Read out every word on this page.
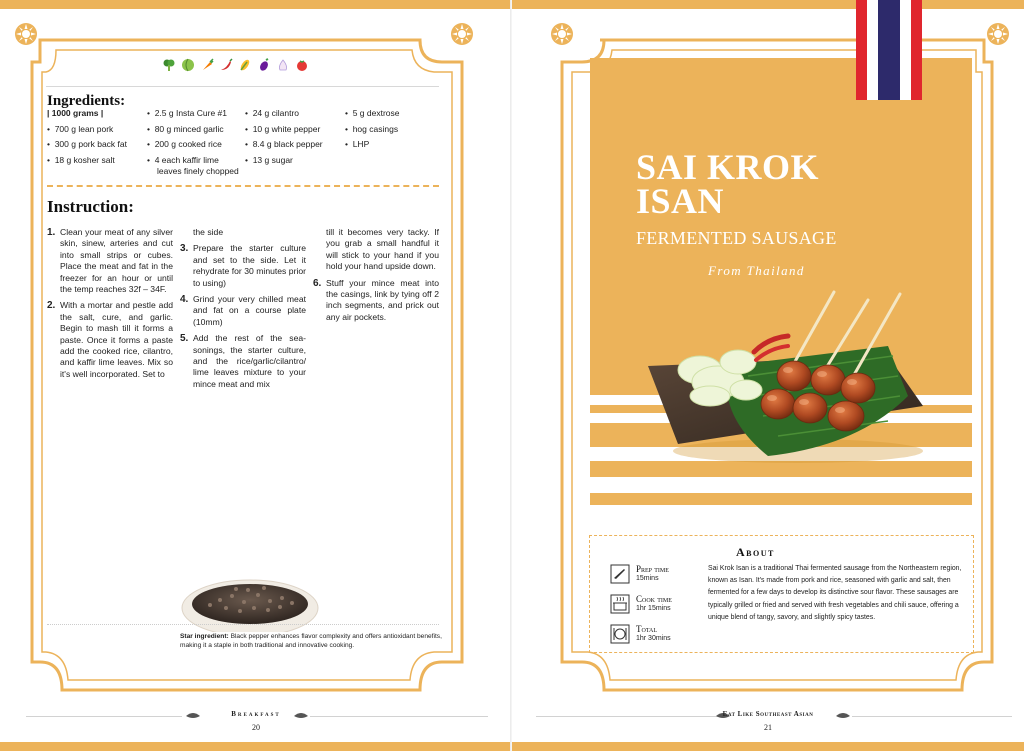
Ingredients:
| 1000 grams |
•  700 g lean pork
•  300 g pork back fat
•  18 g kosher salt
•  2.5 g Insta Cure #1
•  80 g minced garlic
•  200 g cooked rice
•  4 each kaffir lime leaves finely chopped
•  24 g cilantro
•  10 g white pepper
•  8.4 g black pepper
•  13 g sugar
•  5 g dextrose
•  hog casings
•  LHP
Instruction:
1. Clean your meat of any silver skin, sinew, arteries and cut into small strips or cubes. Place the meat and fat in the freezer for an hour or until the temp reaches 32f – 34F.
2. With a mortar and pestle add the salt, cure, and garlic. Begin to mash till it forms a paste. Once it forms a paste add the cooked rice, cilantro, and kaffir lime leaves. Mix so it's well incorporated. Set to
the side
3. Prepare the starter culture and set to the side. Let it rehydrate for 30 minutes prior to using)
4. Grind your very chilled meat and fat on a course plate (10mm)
5. Add the rest of the sea-sonings, the starter culture, and the rice/garlic/cilantro/ lime leaves mixture to your mince meat and mix
till it becomes very tacky. If you grab a small handful it will stick to your hand if you hold your hand upside down.
6. Stuff your mince meat into the casings, link by tying off 2 inch segments, and prick out any air pockets.
Star ingredient: Black pepper enhances flavor complexity and offers antioxidant benefits, making it a staple in both traditional and innovative cooking.
Breakfast
20
SAI KROK
ISAN
FERMENTED SAUSAGE
From Thailand
About
Sai Krok Isan is a traditional Thai fermented sausage from the Northeastern region, known as Isan. It's made from pork and rice, seasoned with garlic and salt, then fermented for a few days to develop its distinctive sour flavor. These sausages are typically grilled or fried and served with fresh vegetables and chili sauce, offering a unique blend of tangy, savory, and slightly spicy tastes.
Prep time
15mins
Cook time
1hr 15mins
Total
1hr 30mins
Eat Like Southeast Asian
21
